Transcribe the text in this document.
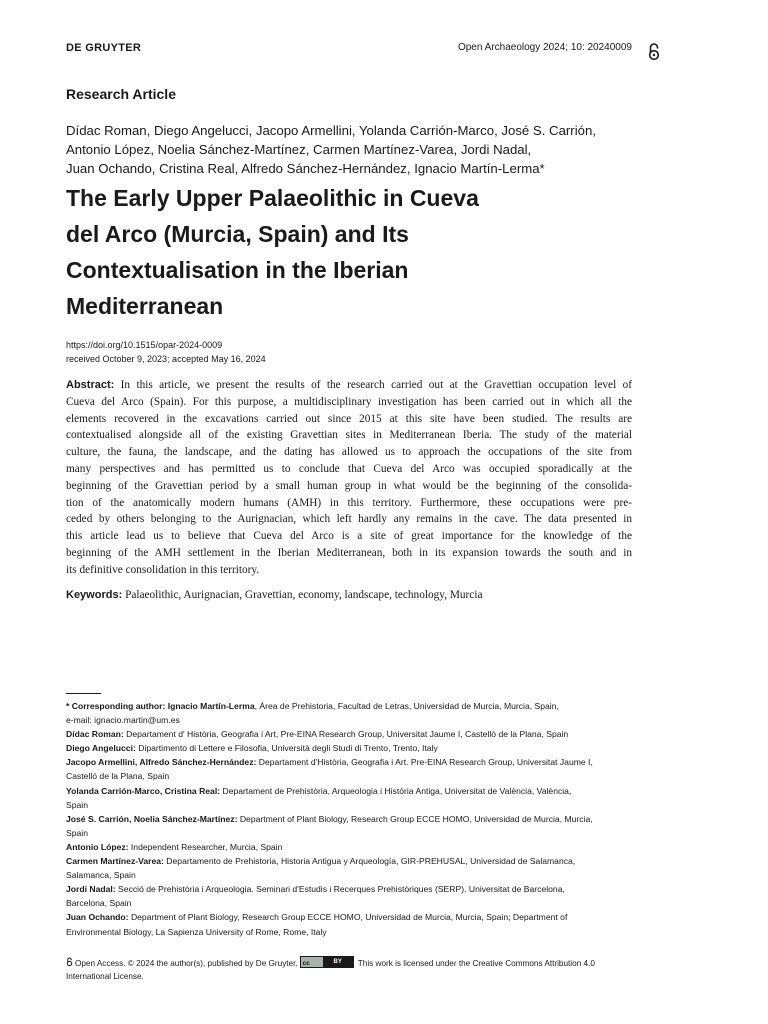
DE GRUYTER	Open Archaeology 2024; 10: 20240009
Research Article
Dídac Roman, Diego Angelucci, Jacopo Armellini, Yolanda Carrión-Marco, José S. Carrión,
Antonio López, Noelia Sánchez-Martínez, Carmen Martínez-Varea, Jordi Nadal,
Juan Ochando, Cristina Real, Alfredo Sánchez-Hernández, Ignacio Martín-Lerma*
The Early Upper Palaeolithic in Cueva
del Arco (Murcia, Spain) and Its
Contextualisation in the Iberian
Mediterranean
https://doi.org/10.1515/opar-2024-0009
received October 9, 2023; accepted May 16, 2024
Abstract: In this article, we present the results of the research carried out at the Gravettian occupation level of
Cueva del Arco (Spain). For this purpose, a multidisciplinary investigation has been carried out in which all the
elements recovered in the excavations carried out since 2015 at this site have been studied. The results are
contextualised alongside all of the existing Gravettian sites in Mediterranean Iberia. The study of the material
culture, the fauna, the landscape, and the dating has allowed us to approach the occupations of the site from
many perspectives and has permitted us to conclude that Cueva del Arco was occupied sporadically at the
beginning of the Gravettian period by a small human group in what would be the beginning of the consolida-
tion of the anatomically modern humans (AMH) in this territory. Furthermore, these occupations were pre-
ceded by others belonging to the Aurignacian, which left hardly any remains in the cave. The data presented in
this article lead us to believe that Cueva del Arco is a site of great importance for the knowledge of the
beginning of the AMH settlement in the Iberian Mediterranean, both in its expansion towards the south and in
its definitive consolidation in this territory.
Keywords: Palaeolithic, Aurignacian, Gravettian, economy, landscape, technology, Murcia
* Corresponding author: Ignacio Martín-Lerma, Área de Prehistoria, Facultad de Letras, Universidad de Murcia, Murcia, Spain,
e-mail: ignacio.martin@um.es
Dídac Roman: Departament d' Història, Geografia i Art, Pre-EINA Research Group, Universitat Jaume I, Castelló de la Plana, Spain
Diego Angelucci: Dipartimento di Lettere e Filosofia, Università degli Studi di Trento, Trento, Italy
Jacopo Armellini, Alfredo Sánchez-Hernández: Departament d'Història, Geografia i Art. Pre-EINA Research Group, Universitat Jaume I,
Castelló de la Plana, Spain
Yolanda Carrión-Marco, Cristina Real: Departament de Prehistòria, Arqueologia i Història Antiga, Universitat de València, València,
Spain
José S. Carrión, Noelia Sánchez-Martínez: Department of Plant Biology, Research Group ECCE HOMO, Universidad de Murcia, Murcia,
Spain
Antonio López: Independent Researcher, Murcia, Spain
Carmen Martínez-Varea: Departamento de Prehistoria, Historia Antigua y Arqueología, GIR-PREHUSAL, Universidad de Salamanca,
Salamanca, Spain
Jordi Nadal: Secció de Prehistòria i Arqueologia. Seminari d'Estudis i Recerques Prehistòriques (SERP). Universitat de Barcelona,
Barcelona, Spain
Juan Ochando: Department of Plant Biology, Research Group ECCE HOMO, Universidad de Murcia, Murcia, Spain; Department of
Environmental Biology, La Sapienza University of Rome, Rome, Italy
Open Access. © 2024 the author(s), published by De Gruyter. cc	BY	This work is licensed under the Creative Commons Attribution 4.0
International License.
